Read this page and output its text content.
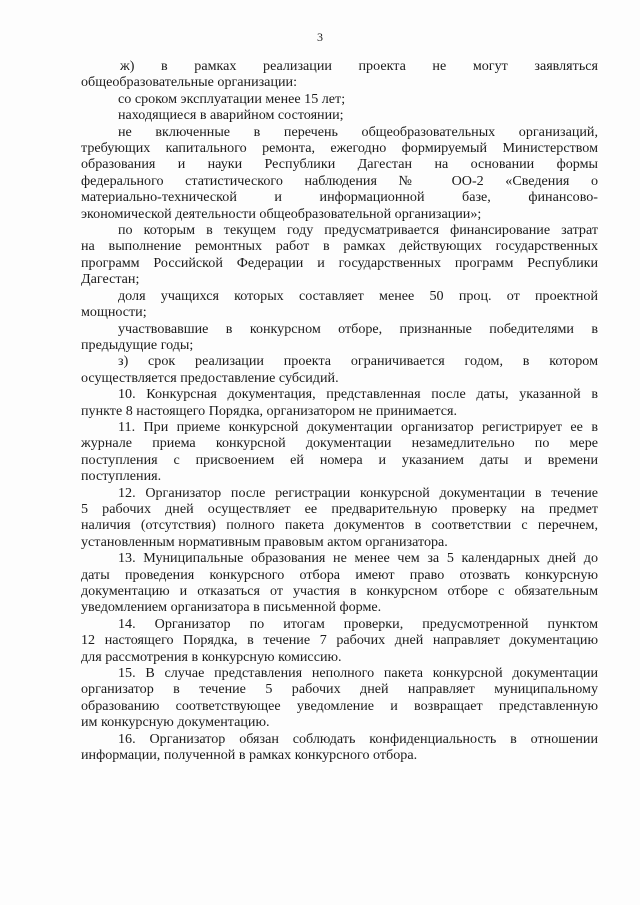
3
ж) в рамках реализации проекта не могут заявляться
общеобразовательные организации:
со сроком эксплуатации менее 15 лет;
находящиеся в аварийном состоянии;
не включенные в перечень общеобразовательных организаций,
требующих капитального ремонта, ежегодно формируемый Министерством
образования и науки Республики Дагестан на основании формы
федерального статистического наблюдения № ОО-2 «Сведения о
материально-технической и информационной базе, финансово-
экономической деятельности общеобразовательной организации»;
по которым в текущем году предусматривается финансирование затрат
на выполнение ремонтных работ в рамках действующих государственных
программ Российской Федерации и государственных программ Республики
Дагестан;
доля учащихся которых составляет менее 50 проц. от проектной
мощности;
участвовавшие в конкурсном отборе, признанные победителями в
предыдущие годы;
з) срок реализации проекта ограничивается годом, в котором
осуществляется предоставление субсидий.
10. Конкурсная документация, представленная после даты, указанной в
пункте 8 настоящего Порядка, организатором не принимается.
11. При приеме конкурсной документации организатор регистрирует ее в
журнале приема конкурсной документации незамедлительно по мере
поступления с присвоением ей номера и указанием даты и времени
поступления.
12. Организатор после регистрации конкурсной документации в течение
5 рабочих дней осуществляет ее предварительную проверку на предмет
наличия (отсутствия) полного пакета документов в соответствии с перечнем,
установленным нормативным правовым актом организатора.
13. Муниципальные образования не менее чем за 5 календарных дней до
даты проведения конкурсного отбора имеют право отозвать конкурсную
документацию и отказаться от участия в конкурсном отборе с обязательным
уведомлением организатора в письменной форме.
14. Организатор по итогам проверки, предусмотренной пунктом
12 настоящего Порядка, в течение 7 рабочих дней направляет документацию
для рассмотрения в конкурсную комиссию.
15. В случае представления неполного пакета конкурсной документации
организатор в течение 5 рабочих дней направляет муниципальному
образованию соответствующее уведомление и возвращает представленную
им конкурсную документацию.
16. Организатор обязан соблюдать конфиденциальность в отношении
информации, полученной в рамках конкурсного отбора.
